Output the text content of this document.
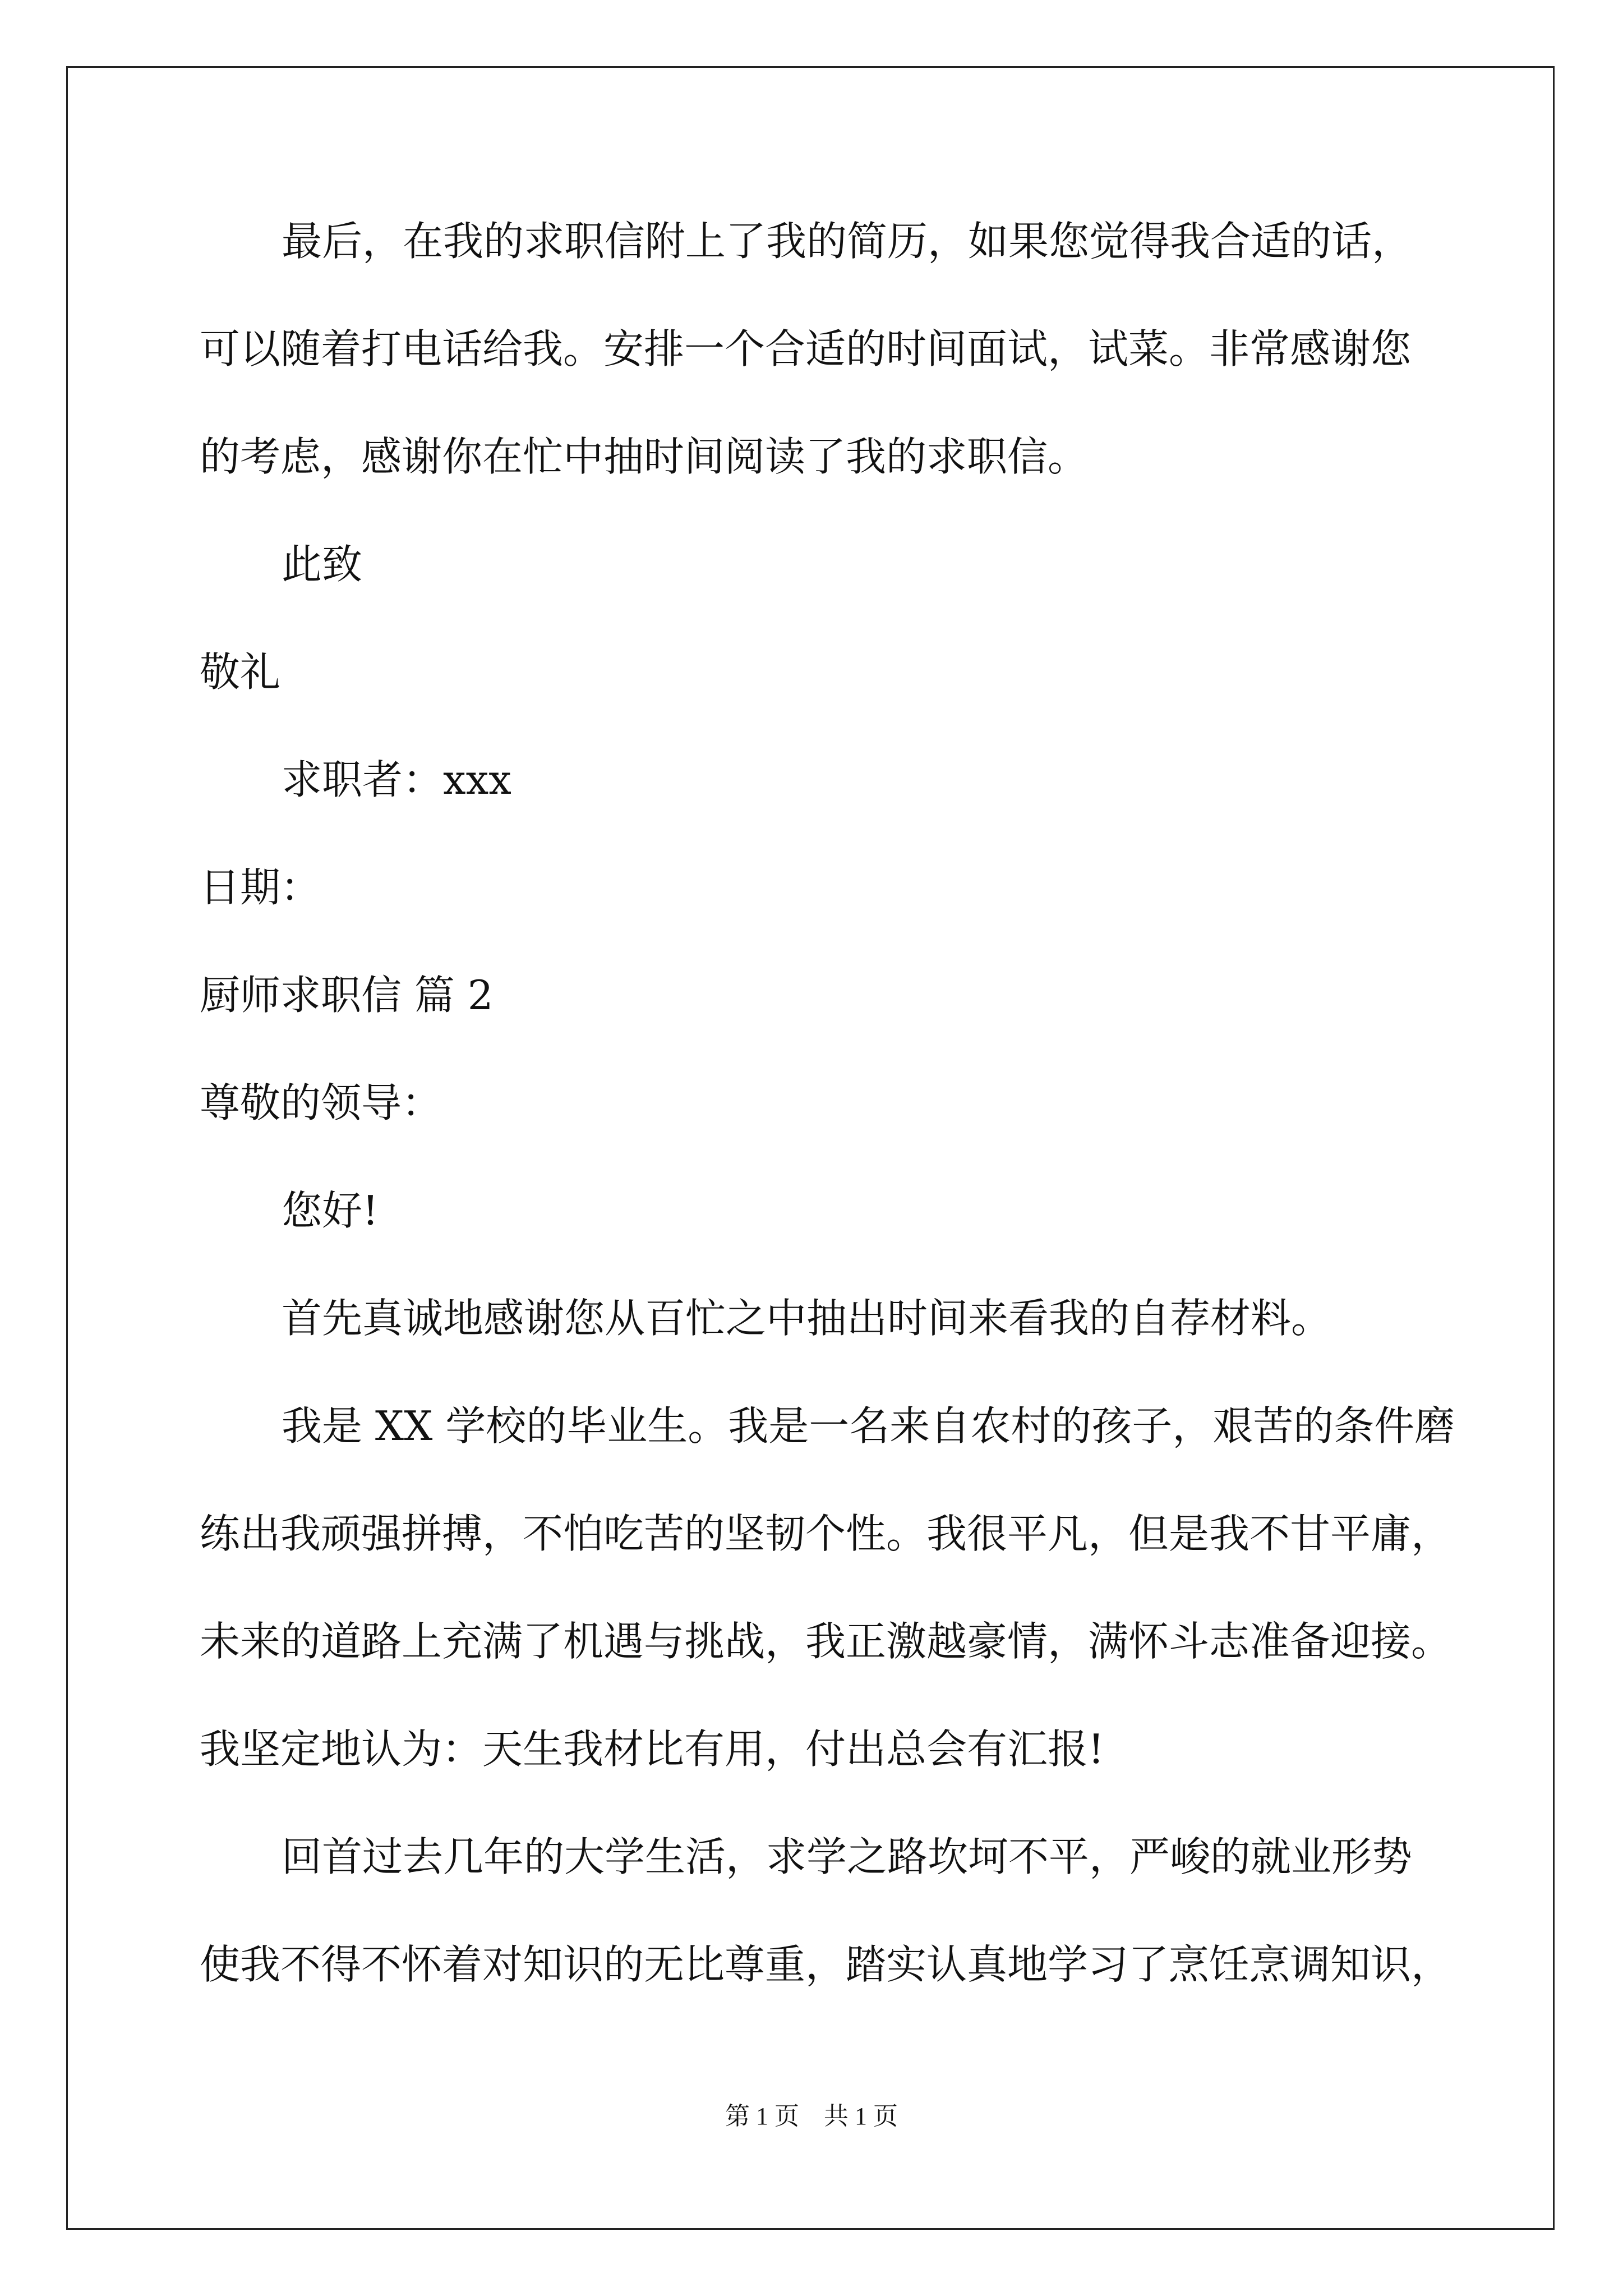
最后，在我的求职信附上了我的简历，如果您觉得我合适的话，
可以随着打电话给我。安排一个合适的时间面试，试菜。非常感谢您
的考虑，感谢你在忙中抽时间阅读了我的求职信。
此致
敬礼
求职者：xxx
日期：
厨师求职信 篇 2
尊敬的领导：
您好!
首先真诚地感谢您从百忙之中抽出时间来看我的自荐材料。
我是 XX 学校的毕业生。我是一名来自农村的孩子，艰苦的条件磨
练出我顽强拼搏，不怕吃苦的坚韧个性。我很平凡，但是我不甘平庸，
未来的道路上充满了机遇与挑战，我正激越豪情，满怀斗志准备迎接。
我坚定地认为：天生我材比有用，付出总会有汇报!
回首过去几年的大学生活，求学之路坎坷不平，严峻的就业形势
使我不得不怀着对知识的无比尊重，踏实认真地学习了烹饪烹调知识，
第 1 页 共 1 页
